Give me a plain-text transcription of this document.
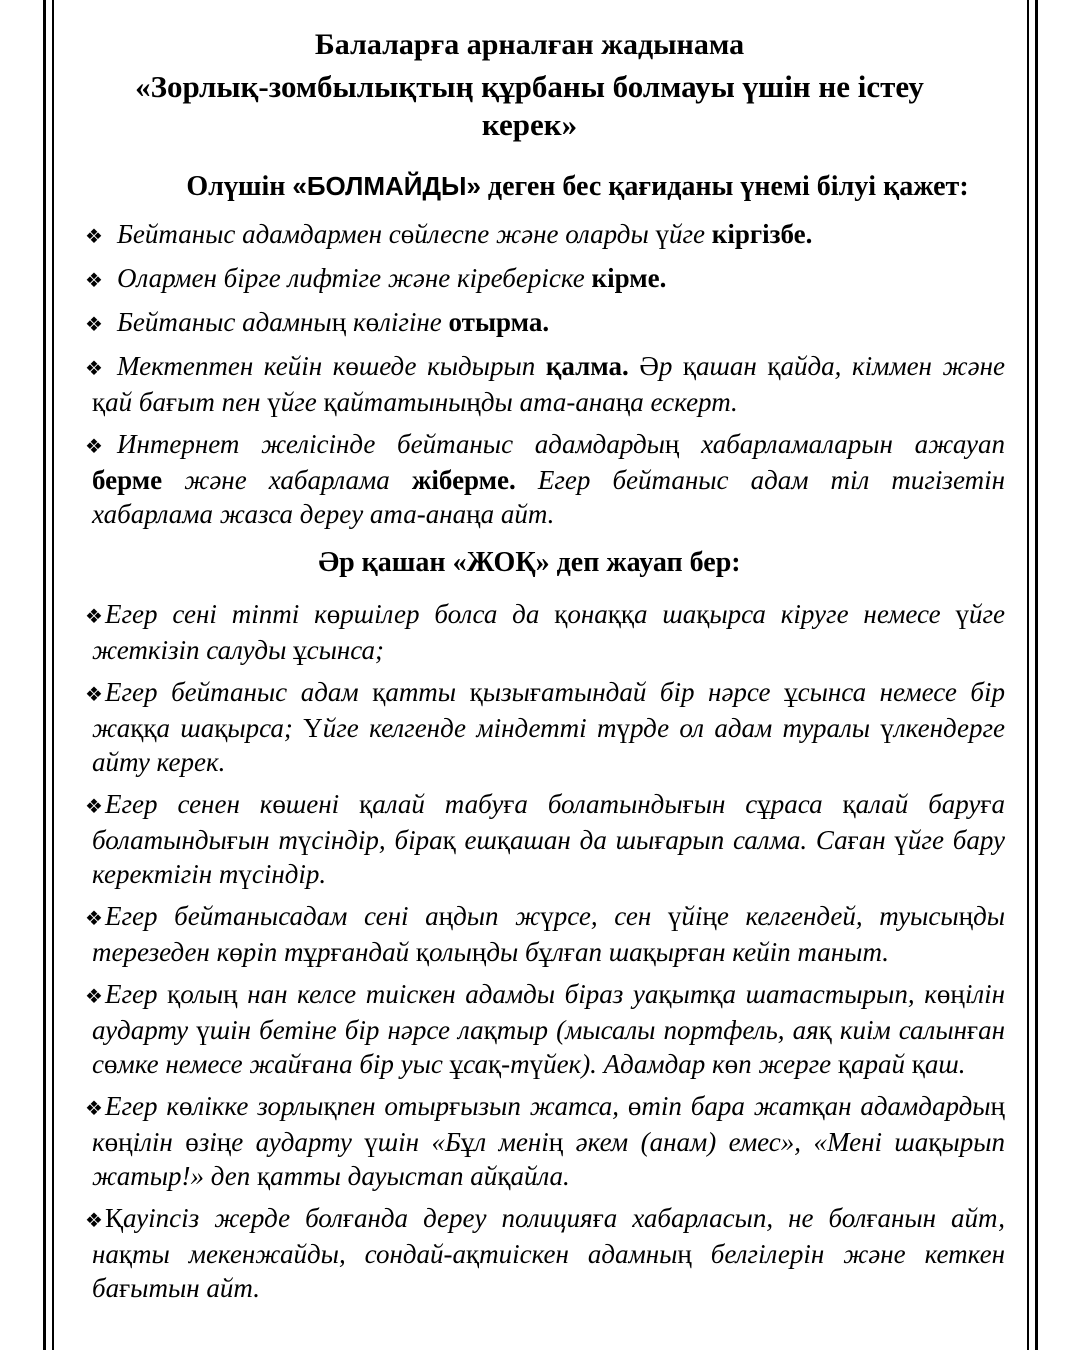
Балаларға арналған жадынама
«Зорлық-зомбылықтың құрбаны болмауы үшін не істеу керек»
Олүшін «БОЛМАЙДЫ» деген бес қағиданы үнемі білуі қажет:
❖ Бейтаныс адамдармен сөйлеспе және оларды үйге кіргізбе.
❖ Олармен бірге лифтіге және кіреберіске кірме.
❖ Бейтаныс адамның көлігіне отырма.
❖ Мектептен кейін көшеде кыдырып қалма. Әр қашан қайда, кіммен және қай бағыт пен үйге қайтатыныңды ата-анаңа ескерт.
❖ Интернет желісінде бейтаныс адамдардың хабарламаларын ажауап берме және хабарлама жіберме. Егер бейтаныс адам тіл тигізетін хабарлама жазса дереу ата-анаңа айт.
Әр қашан «ЖОҚ» деп жауап бер:
❖Егер сені тіпті көршілер болса да қонаққа шақырса кіруге немесе үйге жеткізіп салуды ұсынса;
❖Егер бейтаныс адам қатты қызығатындай бір нәрсе ұсынса немесе бір жаққа шақырса; Үйге келгенде міндетті түрде ол адам туралы үлкендерге айту керек.
❖Егер сенен көшені қалай табуға болатындығын сұраса қалай баруға болатындығын түсіндір, бірақ ешқашан да шығарып салма. Саған үйге бару керектігін түсіндір.
❖Егер бейтанысадам сені аңдып жүрсе, сен үйіңе келгендей, туысыңды терезеден көріп тұрғандай қолыңды бұлғап шақырған кейіп таныт.
❖Егер қолың нан келсе тиіскен адамды біраз уақытқа шатастырып, көңілін аударту үшін бетіне бір нәрсе лақтыр (мысалы портфель, аяқ киім салынған сөмке немесе жайғана бір уыс ұсақ-түйек). Адамдар көп жерге қарай қаш.
❖Егер көлікке зорлықпен отырғызып жатса, өтіп бара жатқан адамдардың көңілін өзіңе аударту үшін «Бұл менің әкем (анам) емес», «Мені шақырып жатыр!» деп қатты дауыстап айқайла.
❖Қауіпсіз жерде болғанда дереу полицияға хабарласып, не болғанын айт, нақты мекенжайды, сондай-ақтиіскен адамның белгілерін және кеткен бағытын айт.
